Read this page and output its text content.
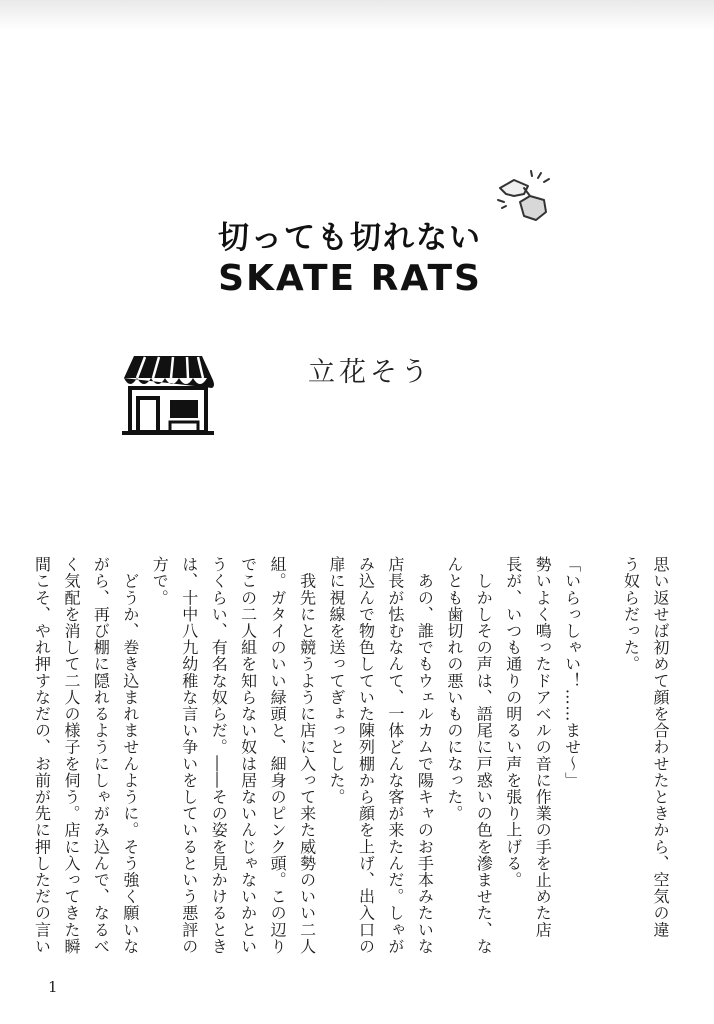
切っても切れない
SKATE RATS
立花そう
思い返せば初めて顔を合わせたときから、空気の違
う奴らだった。
「いらっしゃい！……ませ～」
勢いよく鳴ったドアベルの音に作業の手を止めた店
長が、いつも通りの明るい声を張り上げる。
　しかしその声は、語尾に戸惑いの色を滲ませた、な
んとも歯切れの悪いものになった。
　あの、誰でもウェルカムで陽キャのお手本みたいな
店長が怯むなんて、一体どんな客が来たんだ。しゃが
み込んで物色していた陳列棚から顔を上げ、出入口の
扉に視線を送ってぎょっとした。
　我先にと競うように店に入って来た威勢のいい二人
組。ガタイのいい緑頭と、細身のピンク頭。この辺り
でこの二人組を知らない奴は居ないんじゃないかとい
うくらい、有名な奴らだ。――その姿を見かけるとき
は、十中八九幼稚な言い争いをしているという悪評の
方で。
　どうか、巻き込まれませんように。そう強く願いな
がら、再び棚に隠れるようにしゃがみ込んで、なるべ
く気配を消して二人の様子を伺う。店に入ってきた瞬
間こそ、やれ押すなだの、お前が先に押しただの言い
1
